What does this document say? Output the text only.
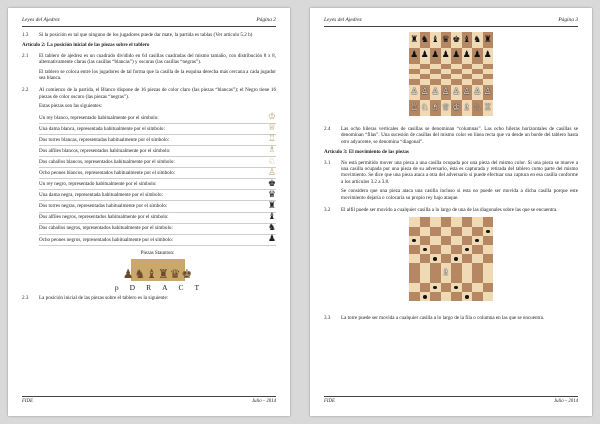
Leyes del Ajedrez	Página 2
1.3	Si la posición es tal que ninguno de los jugadores puede dar mate, la partida es tablas (Ver artículo 5.2 b)
Artículo 2: La posición inicial de las piezas sobre el tablero
2.1	El tablero de ajedrez es un cuadrado dividido en 64 casillas cuadradas del mismo tamaño, con distribución 8 x 8, alternativamente claras (las casillas “blancas”) y oscuras (las casillas “negras”).

El tablero se coloca entre los jugadores de tal forma que la casilla de la esquina derecha más cercana a cada jugador sea blanca.

2.2	Al comienzo de la partida, el Blanco dispone de 16 piezas de color claro (las piezas “blancas”); el Negro tiene 16 piezas de color oscuro (las piezas “negras”).

Estas piezas son las siguientes:

Un rey blanco, representado habitualmente por el símbolo:	♔
Una dama blanca, representada habitualmente por el símbolo:	♕
Dos torres blancas, representadas habitualmente por el símbolo:	♖
Dos alfiles blancos, representados habitualmente por el símbolo:	♗
Dos caballos blancos, representados habitualmente por el símbolo:	♘
Ocho peones blancos, representados habitualmente por el símbolo:	♙
Un rey negro, representado habitualmente por el símbolo:	♚
Una dama negra, representada habitualmente por el símbolo:	♛
Dos torres negras, representadas habitualmente por el símbolo:	♜
Dos alfiles negros, representados habitualmente por el símbolo:	♝
Dos caballos negros, representados habitualmente por el símbolo:	♞
Ocho peones negros, representados habitualmente por el símbolo:	♟
Piezas Staunton:
♟ ♞ ♝ ♜ ♛ ♚
p D R A C T
2.3	La posición inicial de las piezas sobre el tablero es la siguiente:
FIDE	Julio – 2014
Leyes del Ajedrez	Página 3
♜ ♞ ♝ ♛ ♚ ♝ ♞ ♜
♟ ♟ ♟ ♟ ♟ ♟ ♟ ♟
♙ ♙ ♙ ♙ ♙ ♙ ♙ ♙
♖ ♘ ♗ ♕ ♔ ♗ ♘ ♖
2.4	Las ocho hileras verticales de casillas se denominan “columnas”. Las ocho hileras horizontales de casillas se denominan “filas”. Una sucesión de casillas del mismo color en línea recta que va desde un borde del tablero hasta otro adyacente, se denomina “diagonal”.
Artículo 3: El movimiento de las piezas
3.1	No está permitido mover una pieza a una casilla ocupada por una pieza del mismo color. Si una pieza se mueve a una casilla ocupada por una pieza de su adversario, ésta es capturada y retirada del tablero como parte del mismo movimiento. Se dice que una pieza ataca a otra del adversario si puede efectuar una captura en esa casilla conforme a los artículos 3.2 a 3.8.

Se considera que una pieza ataca una casilla incluso si esta no puede ser movida a dicha casilla porque este movimiento dejaría o colocaría su propio rey bajo ataque.

3.2	El alfil puede ser movido a cualquier casilla a lo largo de una de las diagonales sobre las que se encuentra.
♗
3.3	La torre puede ser movida a cualquier casilla a lo largo de la fila o columna en las que se encuentra.
FIDE	Julio – 2014
